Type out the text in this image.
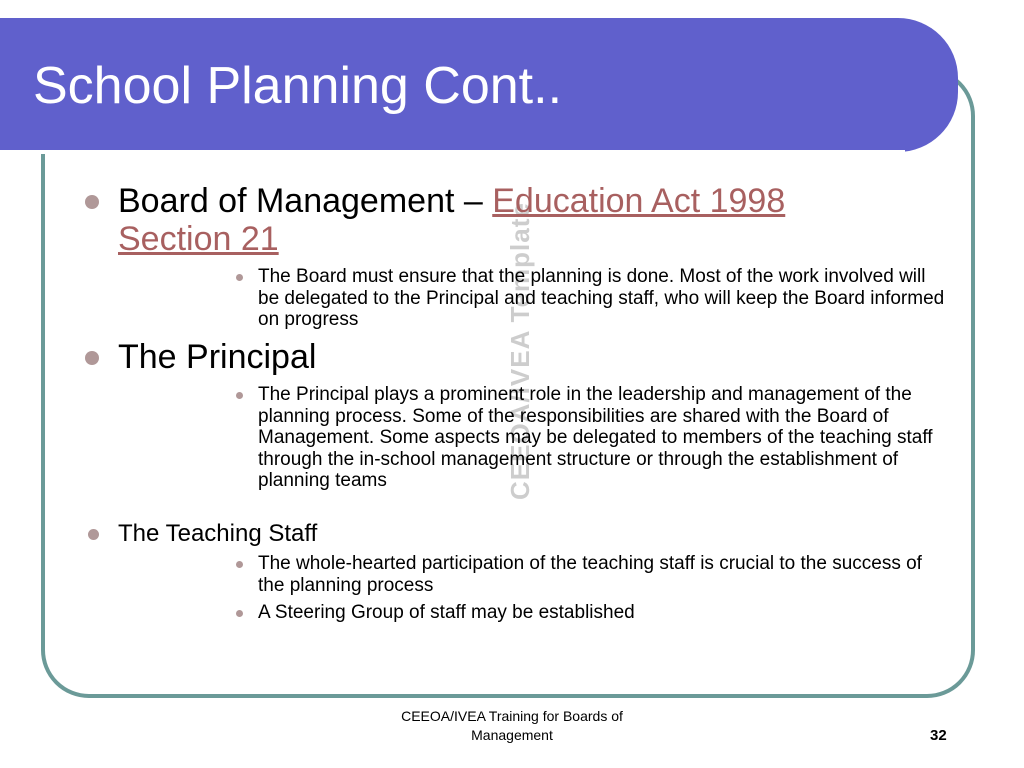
School Planning Cont..
CEEOA/IVEA Template
Board of Management – Education Act 1998
Section 21
The Board must ensure that the planning is done. Most of the work involved will be delegated to the Principal and teaching staff, who will keep the Board informed on progress
The Principal
The Principal plays a prominent role in the leadership and management of the planning process. Some of the responsibilities are shared with the Board of Management. Some aspects may be delegated to members of the teaching staff through the in-school management structure or through the establishment of planning teams
The Teaching Staff
The whole-hearted participation of the teaching staff is crucial to the success of the planning process
A Steering Group of staff may be established
CEEOA/IVEA Training for Boards of Management	32
